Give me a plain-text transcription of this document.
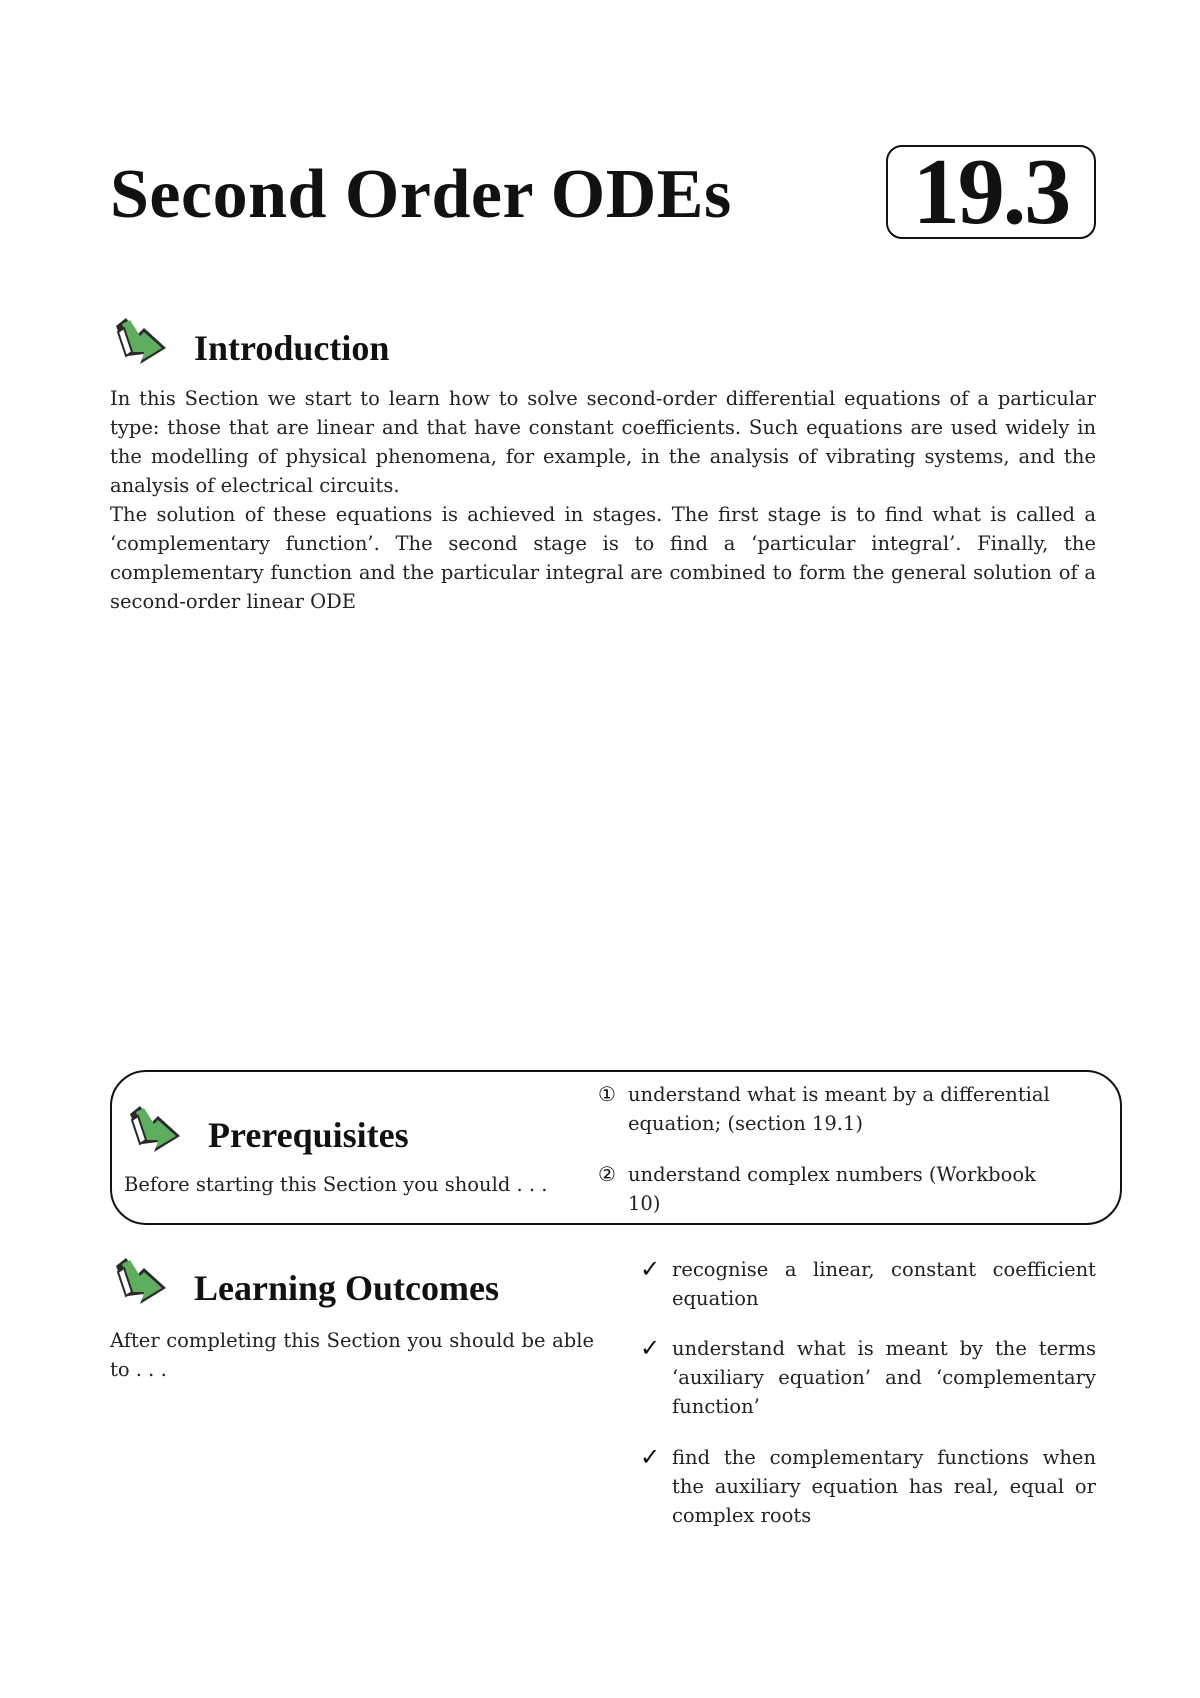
Second Order ODEs 19.3
Introduction

In this Section we start to learn how to solve second-order differential equations of a particular type: those that are linear and that have constant coefficients. Such equations are used widely in the modelling of physical phenomena, for example, in the analysis of vibrating systems, and the analysis of electrical circuits.

The solution of these equations is achieved in stages. The first stage is to find what is called a ‘complementary function’. The second stage is to find a ‘particular integral’. Finally, the complementary function and the particular integral are combined to form the general solution of a second-order linear ODE

Prerequisites
Before starting this Section you should . . .
① understand what is meant by a differential equation; (section 19.1)
② understand complex numbers (Workbook 10)
Learning Outcomes
After completing this Section you should be able to . . .
✓ recognise a linear, constant coefficient equation
✓ understand what is meant by the terms ‘auxiliary equation’ and ‘complementary function’
✓ find the complementary functions when the auxiliary equation has real, equal or complex roots
